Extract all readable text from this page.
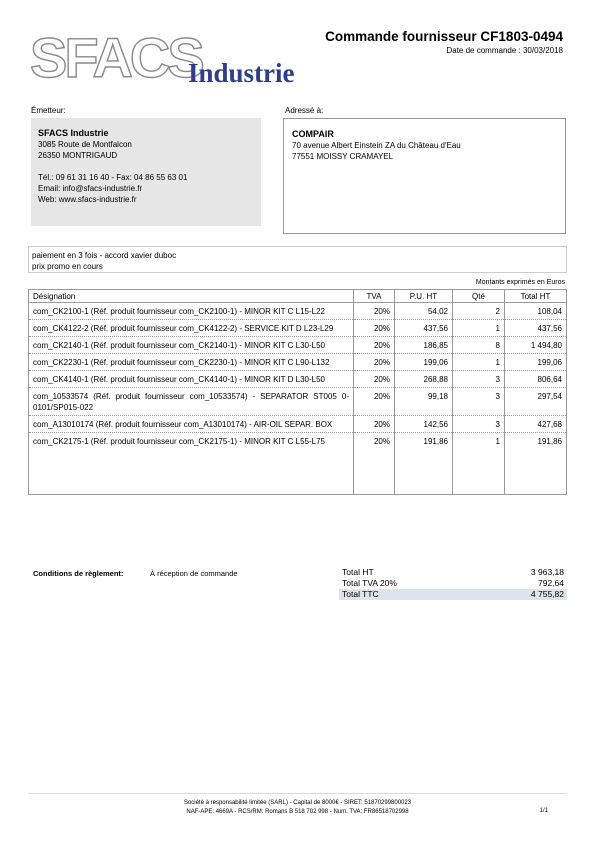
SFACS
Industrie
Commande fournisseur CF1803-0494
Date de commande : 30/03/2018
Émetteur:	Adressé à:
SFACS Industrie
3085 Route de Montfalcon
26350 MONTRIGAUD
Tél.: 09 61 31 16 40 - Fax: 04 86 55 63 01
Email: info@sfacs-industrie.fr
Web: www.sfacs-industrie.fr
COMPAIR
70 avenue Albert Einstein ZA du Château d'Eau
77551 MOISSY CRAMAYEL
paiement en 3 fois - accord xavier duboc
prix promo en cours
Montants exprimés en Euros
Désignation	TVA	P.U. HT	Qté	Total HT
com_CK2100-1 (Réf. produit fournisseur com_CK2100-1) - MINOR KIT C L15-L22	20%	54,02	2	108,04
com_CK4122-2 (Réf. produit fournisseur com_CK4122-2) - SERVICE KIT D L23-L29	20%	437,56	1	437,56
com_CK2140-1 (Réf. produit fournisseur com_CK2140-1) - MINOR KIT C L30-L50	20%	186,85	8	1 494,80
com_CK2230-1 (Réf. produit fournisseur com_CK2230-1) - MINOR KIT C L90-L132	20%	199,06	1	199,06
com_CK4140-1 (Réf. produit fournisseur com_CK4140-1) - MINOR KIT D L30-L50	20%	268,88	3	806,64
com_10533574 (Réf. produit fournisseur com_10533574) - SEPARATOR ST005 0-0101/SP015-022	20%	99,18	3	297,54
com_A13010174 (Réf. produit fournisseur com_A13010174) - AIR-OIL SEPAR. BOX	20%	142,56	3	427,68
com_CK2175-1 (Réf. produit fournisseur com_CK2175-1) - MINOR KIT C L55-L75	20%	191,86	1	191,86

Conditions de règlement:	À réception de commande	Total HT	3 963,18
Total TVA 20%	792,64
Total TTC	4 755,82
Société à responsabilité limitée (SARL) - Capital de 8000€ - SIRET: 51870299800023
NAF-APE: 4669A - RCS/RM: Romans B 518 702 998 - Num. TVA: FR86518702998	1/1
